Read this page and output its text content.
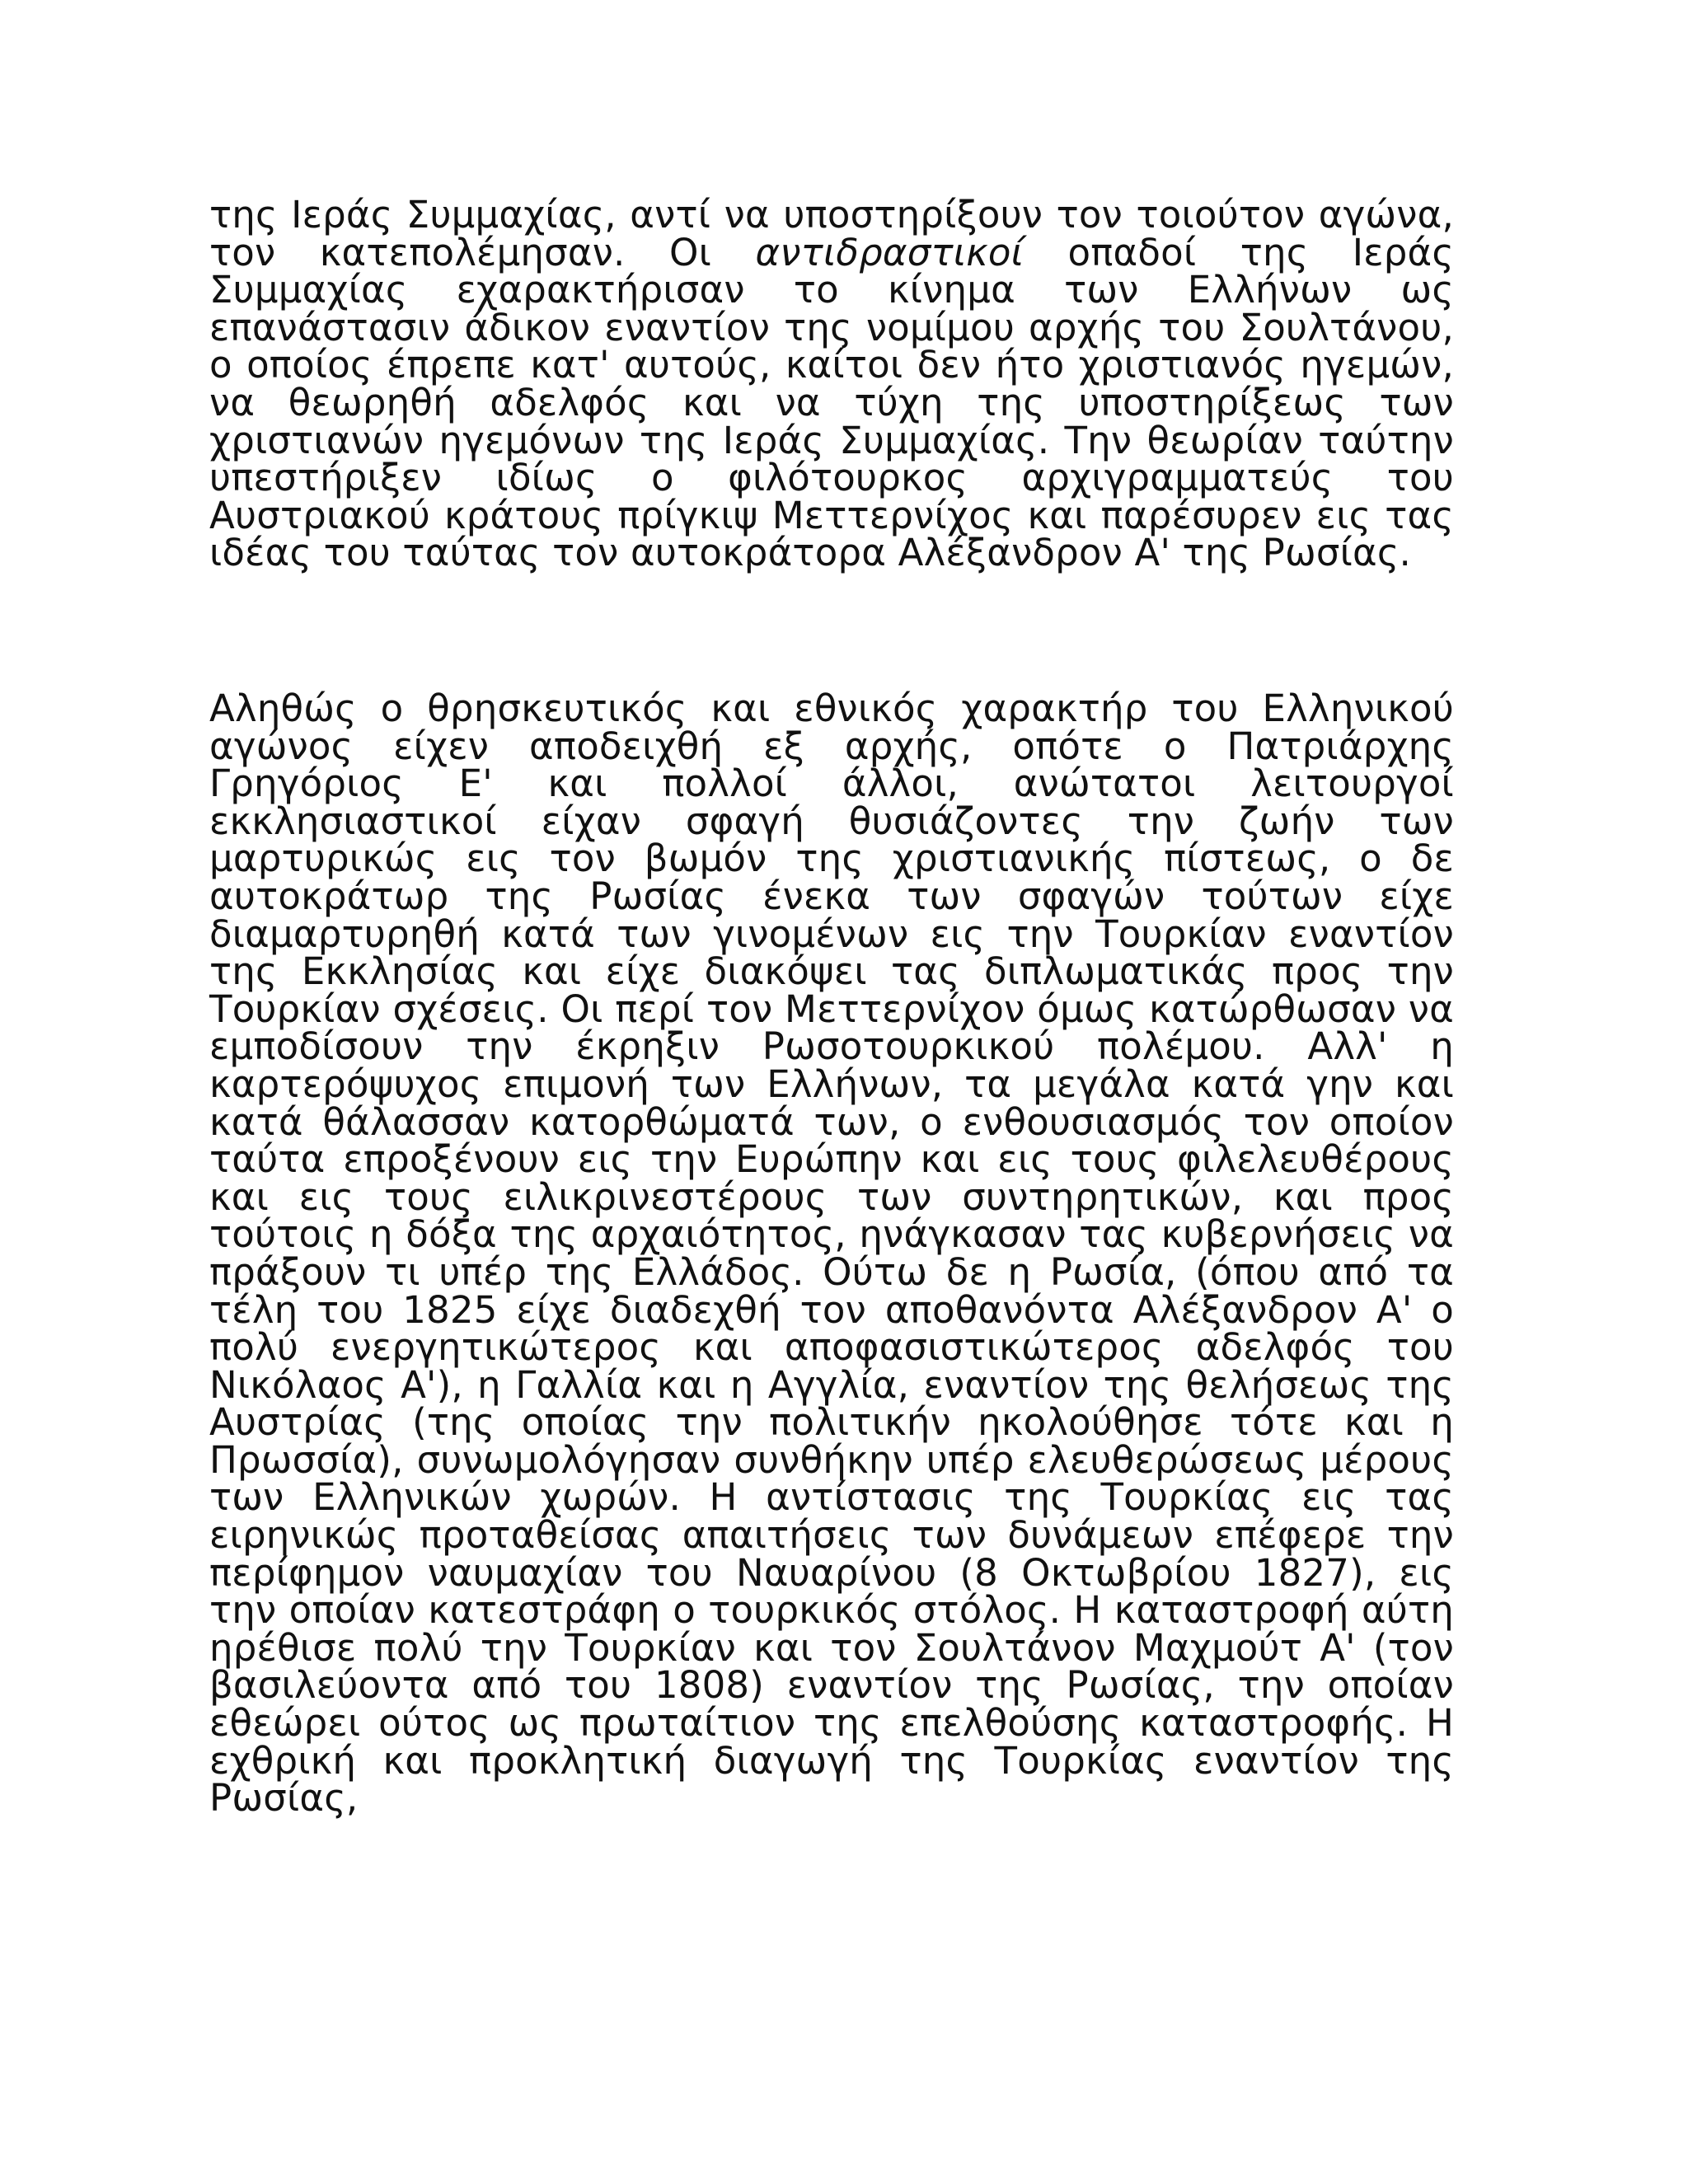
της Ιεράς Συμμαχίας, αντί να υποστηρίξουν τον τοιούτον αγώνα, τον κατεπολέμησαν. Οι αντιδραστικοί οπαδοί της Ιεράς Συμμαχίας εχαρακτήρισαν το κίνημα των Ελλήνων ως επανάστασιν άδικον εναντίον της νομίμου αρχής του Σουλτάνου, ο οποίος έπρεπε κατ' αυτούς, καίτοι δεν ήτο χριστιανός ηγεμών, να θεωρηθή αδελφός και να τύχη της υποστηρίξεως των χριστιανών ηγεμόνων της Ιεράς Συμμαχίας. Την θεωρίαν ταύτην υπεστήριξεν ιδίως ο φιλότουρκος αρχιγραμματεύς του Αυστριακού κράτους πρίγκιψ Μεττερνίχος και παρέσυρεν εις τας ιδέας του ταύτας τον αυτοκράτορα Αλέξανδρον Α' της Ρωσίας.

Αληθώς ο θρησκευτικός και εθνικός χαρακτήρ του Ελληνικού αγώνος είχεν αποδειχθή εξ αρχής, οπότε ο Πατριάρχης Γρηγόριος Ε' και πολλοί άλλοι, ανώτατοι λειτουργοί εκκλησιαστικοί είχαν σφαγή θυσιάζοντες την ζωήν των μαρτυρικώς εις τον βωμόν της χριστιανικής πίστεως, ο δε αυτοκράτωρ της Ρωσίας ένεκα των σφαγών τούτων είχε διαμαρτυρηθή κατά των γινομένων εις την Τουρκίαν εναντίον της Εκκλησίας και είχε διακόψει τας διπλωματικάς προς την Τουρκίαν σχέσεις. Οι περί τον Μεττερνίχον όμως κατώρθωσαν να εμποδίσουν την έκρηξιν Ρωσοτουρκικού πολέμου. Αλλ' η καρτερόψυχος επιμονή των Ελλήνων, τα μεγάλα κατά γην και κατά θάλασσαν κατορθώματά των, ο ενθουσιασμός τον οποίον ταύτα επροξένουν εις την Ευρώπην και εις τους φιλελευθέρους και εις τους ειλικρινεστέρους των συντηρητικών, και προς τούτοις η δόξα της αρχαιότητος, ηνάγκασαν τας κυβερνήσεις να πράξουν τι υπέρ της Ελλάδος. Ούτω δε η Ρωσία, (όπου από τα τέλη του 1825 είχε διαδεχθή τον αποθανόντα Αλέξανδρον Α' ο πολύ ενεργητικώτερος και αποφασιστικώτερος αδελφός του Νικόλαος Α'), η Γαλλία και η Αγγλία, εναντίον της θελήσεως της Αυστρίας (της οποίας την πολιτικήν ηκολούθησε τότε και η Πρωσσία), συνωμολόγησαν συνθήκην υπέρ ελευθερώσεως μέρους των Ελληνικών χωρών. Η αντίστασις της Τουρκίας εις τας ειρηνικώς προταθείσας απαιτήσεις των δυνάμεων επέφερε την περίφημον ναυμαχίαν του Ναυαρίνου (8 Οκτωβρίου 1827), εις την οποίαν κατεστράφη ο τουρκικός στόλος. Η καταστροφή αύτη ηρέθισε πολύ την Τουρκίαν και τον Σουλτάνον Μαχμούτ Α' (τον βασιλεύοντα από του 1808) εναντίον της Ρωσίας, την οποίαν εθεώρει ούτος ως πρωταίτιον της επελθούσης καταστροφής. Η εχθρική και προκλητική διαγωγή της Τουρκίας εναντίον της Ρωσίας,
